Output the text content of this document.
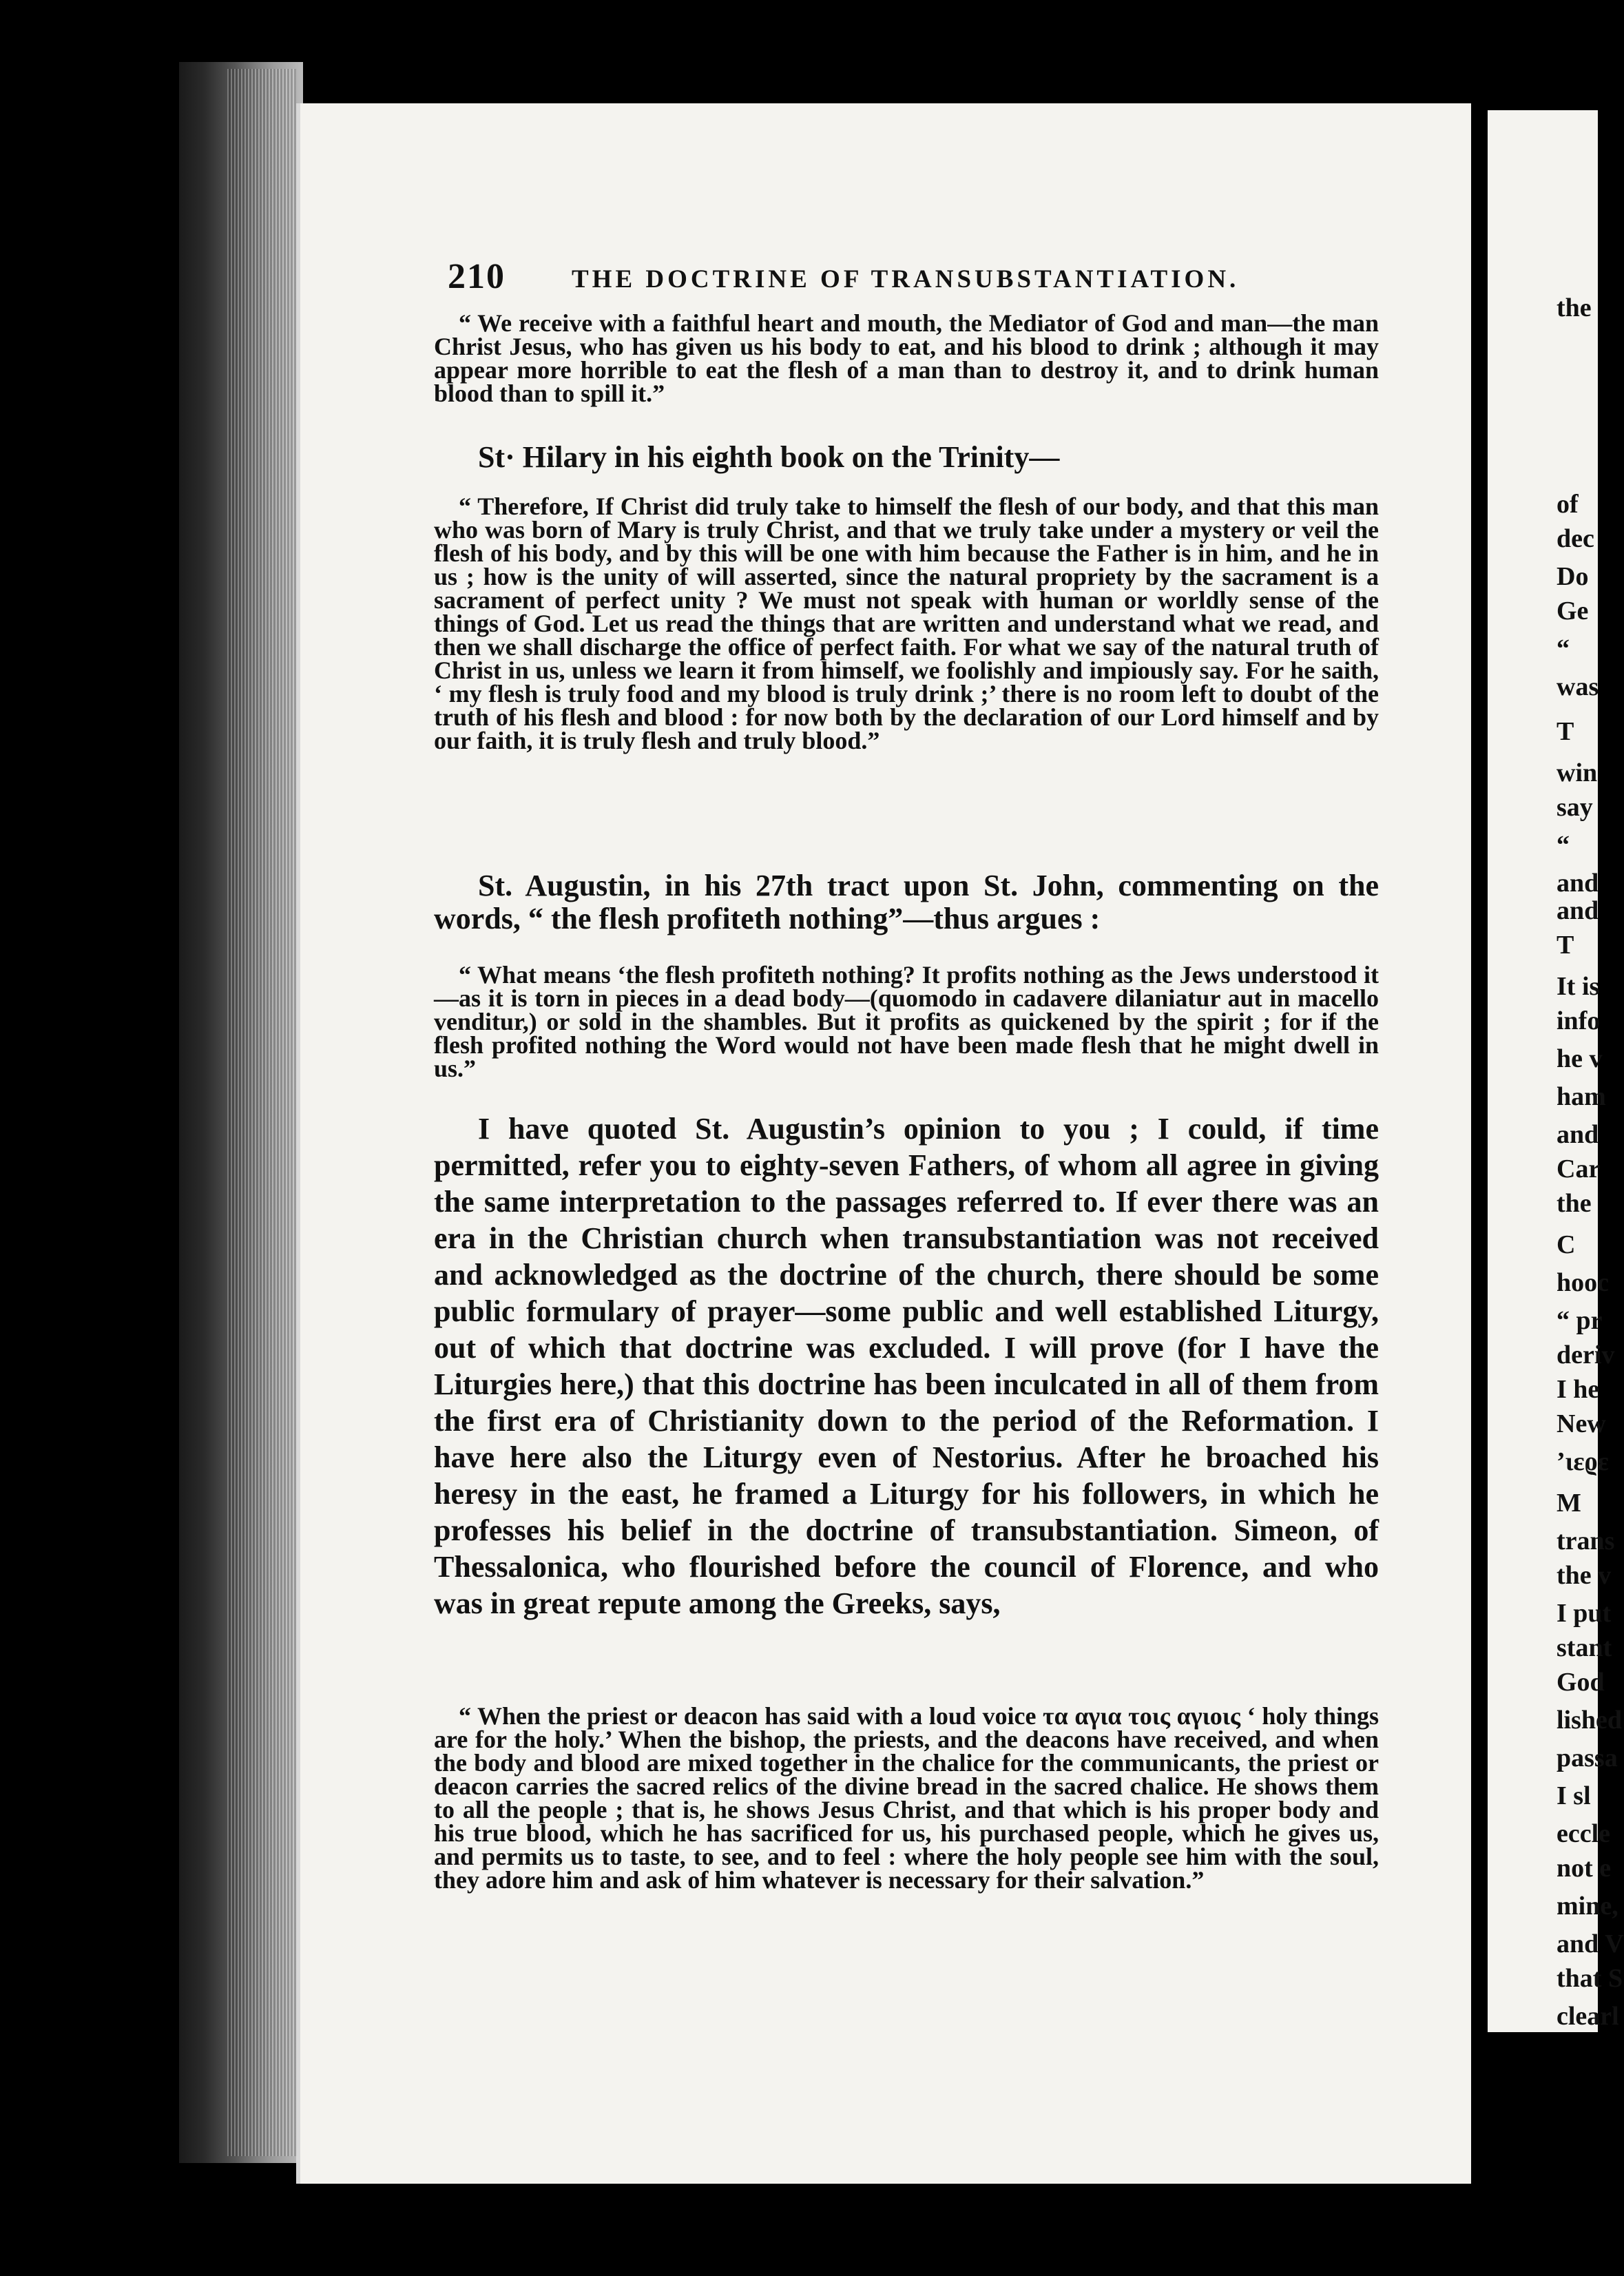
the
of
dec
Do
Ge
“
was
T
win
say
“
and
and
T
It is
info
he v
ham
and
Car
the
C
hooc
“ pr
deriv
I he
New
’ιεϱε
M
trans
the v
I put
stant
God
lished
passa
I sl
eccle
not e
mine,
and V
that S
clearl
210	THE DOCTRINE OF TRANSUBSTANTIATION.

“ We receive with a faithful heart and mouth, the Mediator of God and man—the man Christ Jesus, who has given us his body to eat, and his blood to drink ; although it may appear more horrible to eat the flesh of a man than to destroy it, and to drink human blood than to spill it.”

St· Hilary in his eighth book on the Trinity—

“ Therefore, If Christ did truly take to himself the flesh of our body, and that this man who was born of Mary is truly Christ, and that we truly take under a mystery or veil the flesh of his body, and by this will be one with him because the Father is in him, and he in us ; how is the unity of will asserted, since the natural propriety by the sacrament is a sacrament of perfect unity ? We must not speak with human or worldly sense of the things of God. Let us read the things that are written and understand what we read, and then we shall discharge the office of perfect faith. For what we say of the natural truth of Christ in us, unless we learn it from himself, we foolishly and impiously say. For he saith, ‘ my flesh is truly food and my blood is truly drink ;’ there is no room left to doubt of the truth of his flesh and blood : for now both by the declaration of our Lord himself and by our faith, it is truly flesh and truly blood.”

St. Augustin, in his 27th tract upon St. John, commenting on the words, “ the flesh profiteth nothing”—thus argues :

“ What means ‘the flesh profiteth nothing? It profits nothing as the Jews understood it—as it is torn in pieces in a dead body—(quomodo in cadavere dilaniatur aut in macello venditur,) or sold in the shambles. But it profits as quickened by the spirit ; for if the flesh profited nothing the Word would not have been made flesh that he might dwell in us.”

I have quoted St. Augustin’s opinion to you ; I could, if time permitted, refer you to eighty-seven Fathers, of whom all agree in giving the same interpretation to the passages referred to. If ever there was an era in the Christian church when transubstantiation was not received and acknowledged as the doctrine of the church, there should be some public formulary of prayer—some public and well established Liturgy, out of which that doctrine was excluded. I will prove (for I have the Liturgies here,) that this doctrine has been inculcated in all of them from the first era of Christianity down to the period of the Reformation. I have here also the Liturgy even of Nestorius. After he broached his heresy in the east, he framed a Liturgy for his followers, in which he professes his belief in the doctrine of transubstantiation. Simeon, of Thessalonica, who flourished before the council of Florence, and who was in great repute among the Greeks, says,

“ When the priest or deacon has said with a loud voice τα αγια τοις αγιοις ‘ holy things are for the holy.’ When the bishop, the priests, and the deacons have received, and when the body and blood are mixed together in the chalice for the communicants, the priest or deacon carries the sacred relics of the divine bread in the sacred chalice. He shows them to all the people ; that is, he shows Jesus Christ, and that which is his proper body and his true blood, which he has sacrificed for us, his purchased people, which he gives us, and permits us to taste, to see, and to feel : where the holy people see him with the soul, they adore him and ask of him whatever is necessary for their salvation.”
